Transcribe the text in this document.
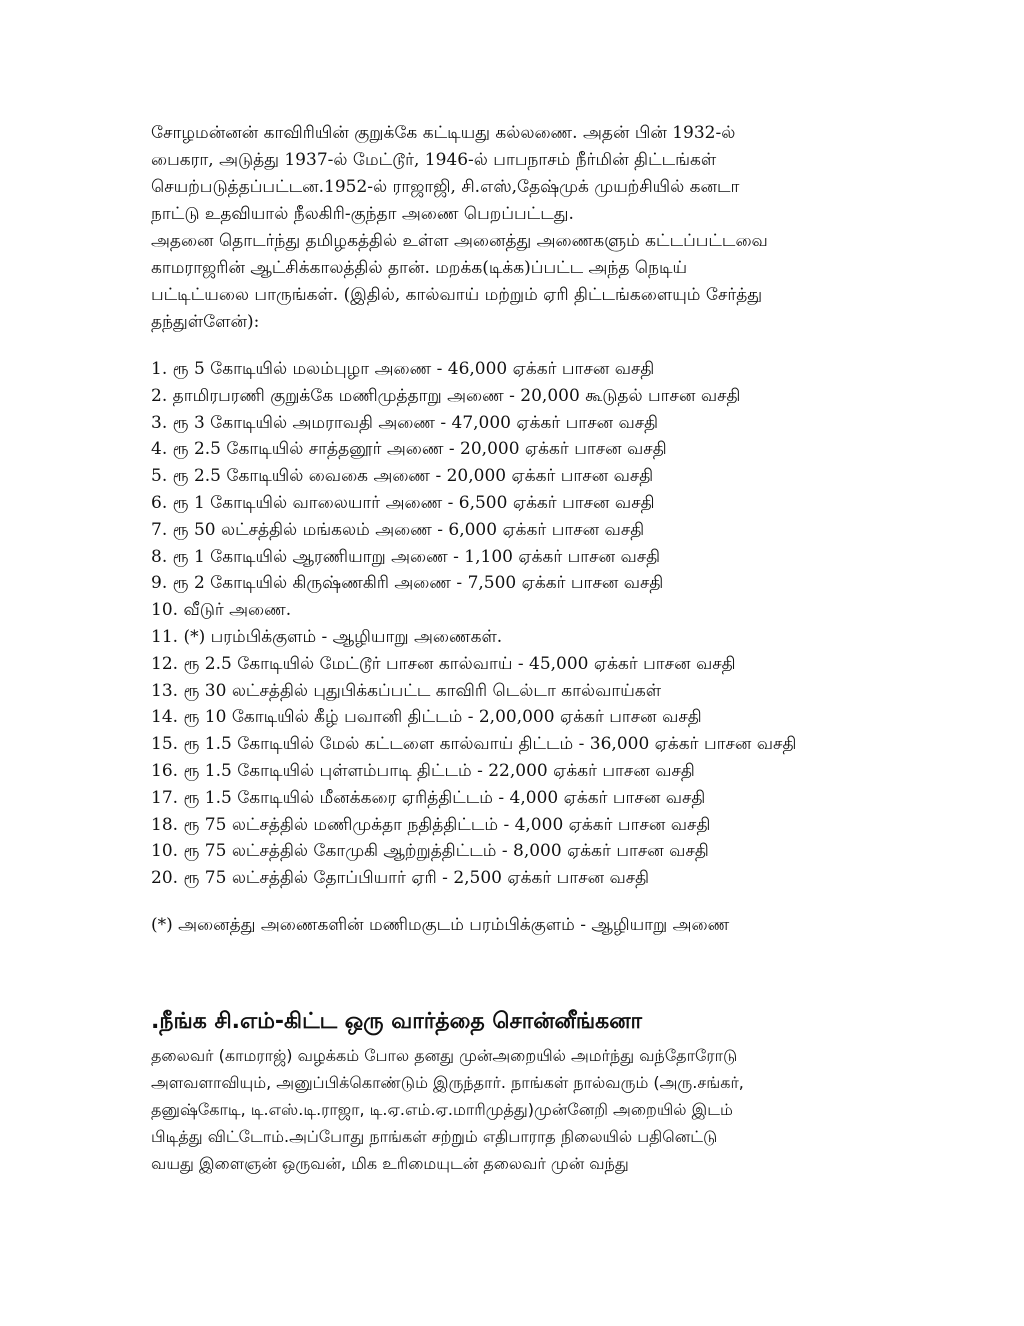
சோழமன்னன் காவிரியின் குறுக்கே கட்டியது கல்லணை. அதன் பின் 1932-ல்

பைகரா, அடுத்து 1937-ல் மேட்டூர், 1946-ல் பாபநாசம் நீர்மின் திட்டங்கள்

செயற்படுத்தப்பட்டன.1952-ல் ராஜாஜி, சி.எஸ்,தேஷ்முக் முயற்சியில் கனடா

நாட்டு உதவியால் நீலகிரி-குந்தா அணை பெறப்பட்டது.

அதனை தொடர்ந்து தமிழகத்தில் உள்ள அனைத்து அணைகளும் கட்டப்பட்டவை

காமராஜரின் ஆட்சிக்காலத்தில் தான். மறக்க(டிக்க)ப்பட்ட அந்த நெடிய்

பட்டிட்யலை பாருங்கள். (இதில், கால்வாய் மற்றும் ஏரி திட்டங்களையும் சேர்த்து

தந்துள்ளேன்):

1. ரூ 5 கோடியில் மலம்புழா அணை - 46,000 ஏக்கர் பாசன வசதி
2. தாமிரபரணி குறுக்கே மணிமுத்தாறு அணை - 20,000 கூடுதல் பாசன வசதி
3. ரூ 3 கோடியில் அமராவதி அணை - 47,000 ஏக்கர் பாசன வசதி
4. ரூ 2.5 கோடியில் சாத்தனூர் அணை - 20,000 ஏக்கர் பாசன வசதி
5. ரூ 2.5 கோடியில் வைகை அணை - 20,000 ஏக்கர் பாசன வசதி
6. ரூ 1 கோடியில் வாலையார் அணை - 6,500 ஏக்கர் பாசன வசதி
7. ரூ 50 லட்சத்தில் மங்கலம் அணை - 6,000 ஏக்கர் பாசன வசதி
8. ரூ 1 கோடியில் ஆரணியாறு அணை - 1,100 ஏக்கர் பாசன வசதி
9. ரூ 2 கோடியில் கிருஷ்ணகிரி அணை - 7,500 ஏக்கர் பாசன வசதி
10. வீடுர் அணை.
11. (*) பரம்பிக்குளம் - ஆழியாறு அணைகள்.
12. ரூ 2.5 கோடியில் மேட்டூர் பாசன கால்வாய் - 45,000 ஏக்கர் பாசன வசதி
13. ரூ 30 லட்சத்தில் புதுபிக்கப்பட்ட காவிரி டெல்டா கால்வாய்கள்
14. ரூ 10 கோடியில் கீழ் பவானி திட்டம் - 2,00,000 ஏக்கர் பாசன வசதி
15. ரூ 1.5 கோடியில் மேல் கட்டளை கால்வாய் திட்டம் - 36,000 ஏக்கர் பாசன வசதி
16. ரூ 1.5 கோடியில் புள்ளம்பாடி திட்டம் - 22,000 ஏக்கர் பாசன வசதி
17. ரூ 1.5 கோடியில் மீனக்கரை ஏரித்திட்டம் - 4,000 ஏக்கர் பாசன வசதி
18. ரூ 75 லட்சத்தில் மணிமுக்தா நதித்திட்டம் - 4,000 ஏக்கர் பாசன வசதி
10. ரூ 75 லட்சத்தில் கோமுகி ஆற்றுத்திட்டம் - 8,000 ஏக்கர் பாசன வசதி
20. ரூ 75 லட்சத்தில் தோப்பியார் ஏரி - 2,500 ஏக்கர் பாசன வசதி
(*) அனைத்து அணைகளின் மணிமகுடம் பரம்பிக்குளம் - ஆழியாறு அணை
.நீங்க சி.எம்-கிட்ட ஒரு வார்த்தை சொன்னீங்கனா

தலைவர் (காமராஜ்) வழக்கம் போல தனது முன்அறையில் அமர்ந்து வந்தோரோடு

அளவளாவியும், அனுப்பிக்கொண்டும் இருந்தார். நாங்கள் நால்வரும் (அரு.சங்கர்,

தனுஷ்கோடி, டி.எஸ்.டி.ராஜா, டி.ஏ.எம்.ஏ.மாரிமுத்து)முன்னேறி அறையில் இடம்

பிடித்து விட்டோம்.அப்போது நாங்கள் சற்றும் எதிபாராத நிலையில் பதினெட்டு

வயது இளைஞன் ஒருவன், மிக உரிமையுடன் தலைவர் முன் வந்து
